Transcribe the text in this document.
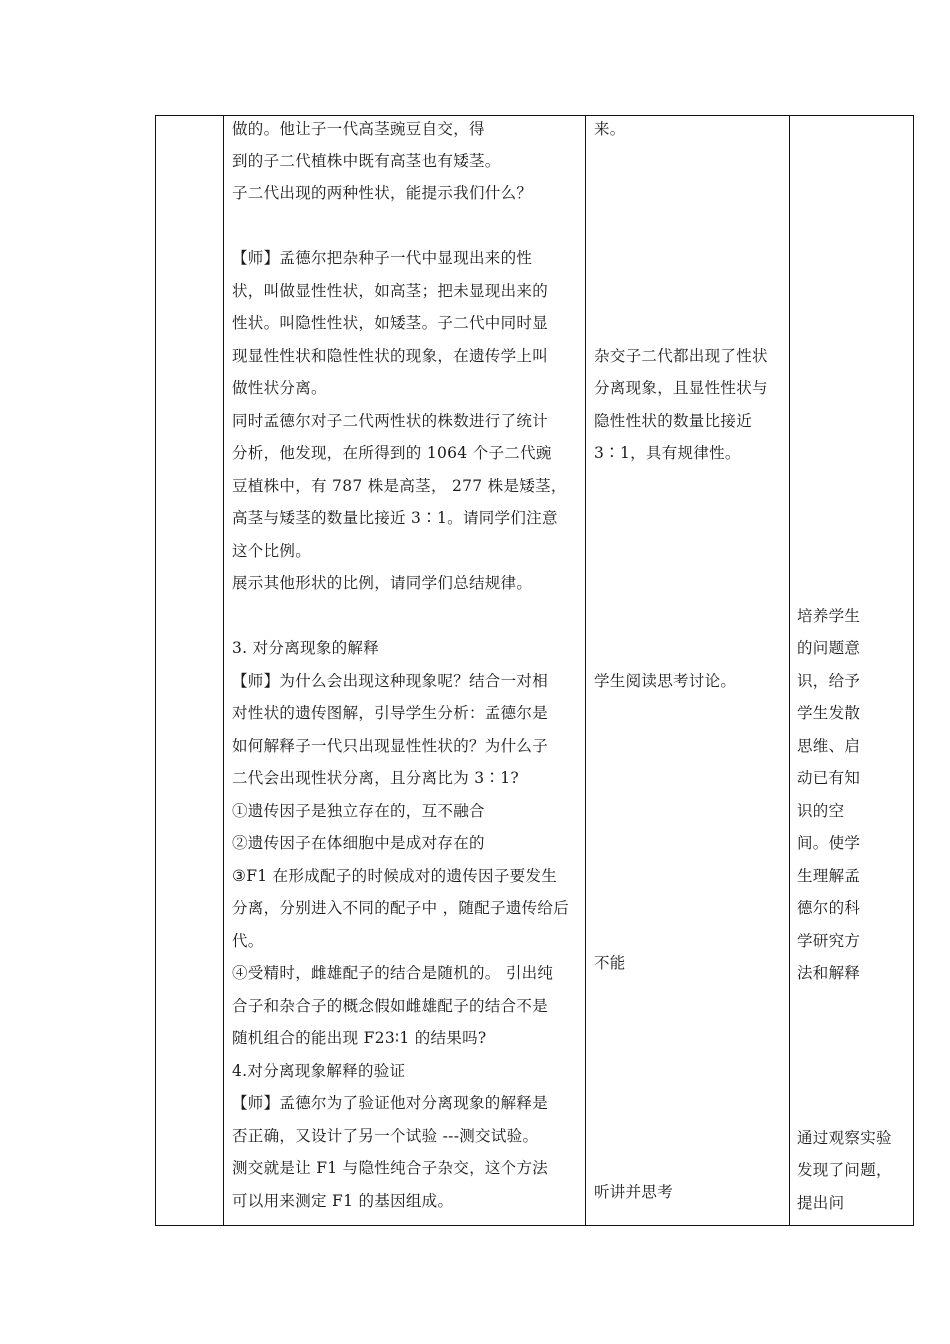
做的。他让子一代高茎豌豆自交，得
到的子二代植株中既有高茎也有矮茎。
子二代出现的两种性状，能提示我们什么？
【师】孟德尔把杂种子一代中显现出来的性
状，叫做显性性状，如高茎；把未显现出来的
性状。叫隐性性状，如矮茎。子二代中同时显
现显性性状和隐性性状的现象，在遗传学上叫
做性状分离。
同时孟德尔对子二代两性状的株数进行了统计
分析，他发现，在所得到的 1064 个子二代豌
豆植株中，有 787 株是高茎， 277 株是矮茎，
高茎与矮茎的数量比接近 3∶1。请同学们注意
这个比例。
展示其他形状的比例，请同学们总结规律。
3. 对分离现象的解释
【师】为什么会出现这种现象呢？结合一对相
对性状的遗传图解，引导学生分析：孟德尔是
如何解释子一代只出现显性性状的？为什么子
二代会出现性状分离，且分离比为 3∶1?
①遗传因子是独立存在的，互不融合
②遗传因子在体细胞中是成对存在的
③F1 在形成配子的时候成对的遗传因子要发生
分离，分别进入不同的配子中 ，随配子遗传给后
代。
④受精时，雌雄配子的结合是随机的。 引出纯
合子和杂合子的概念假如雌雄配子的结合不是
随机组合的能出现 F23∶1 的结果吗?
4.对分离现象解释的验证
【师】孟德尔为了验证他对分离现象的解释是
否正确，又设计了另一个试验 ---测交试验。
测交就是让 F1 与隐性纯合子杂交，这个方法
可以用来测定 F1 的基因组成。
来。
杂交子二代都出现了性状
分离现象，且显性性状与
隐性性状的数量比接近
3∶1，具有规律性。
学生阅读思考讨论。
不能
听讲并思考
培养学生
的问题意
识，给予
学生发散
思维、启
动已有知
识的空
间。使学
生理解孟
德尔的科
学研究方
法和解释
通过观察实验
发现了问题，
提出问
